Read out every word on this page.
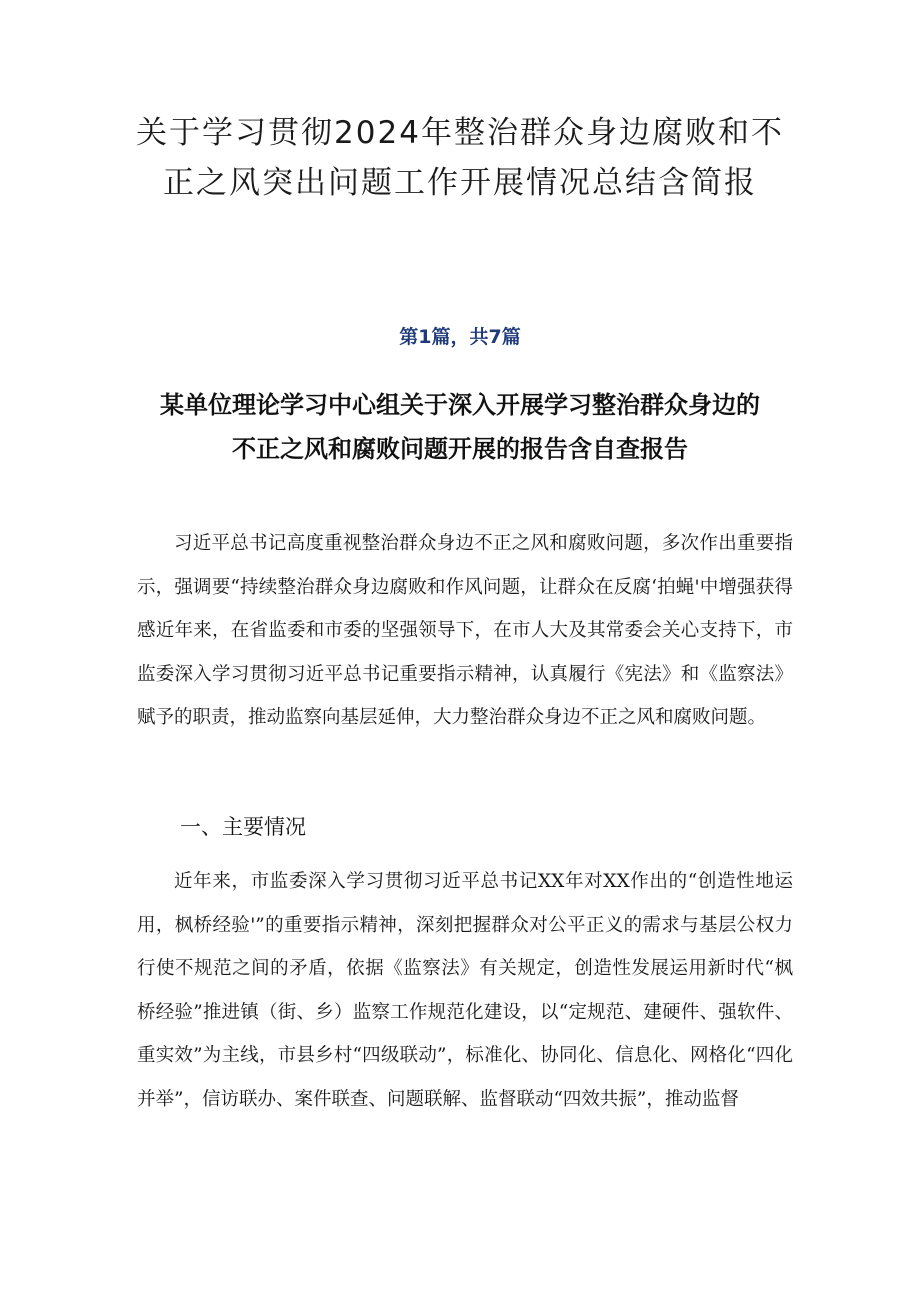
关于学习贯彻2024年整治群众身边腐败和不正之风突出问题工作开展情况总结含简报
第1篇，共7篇
某单位理论学习中心组关于深入开展学习整治群众身边的不正之风和腐败问题开展的报告含自查报告

习近平总书记高度重视整治群众身边不正之风和腐败问题，多次作出重要指示，强调要“持续整治群众身边腐败和作风问题，让群众在反腐‘拍蝇'中增强获得感近年来，在省监委和市委的坚强领导下，在市人大及其常委会关心支持下，市监委深入学习贯彻习近平总书记重要指示精神，认真履行《宪法》和《监察法》赋予的职责，推动监察向基层延伸，大力整治群众身边不正之风和腐败问题。

一、主要情况

近年来，市监委深入学习贯彻习近平总书记XX年对XX作出的“创造性地运用，枫桥经验'”的重要指示精神，深刻把握群众对公平正义的需求与基层公权力行使不规范之间的矛盾，依据《监察法》有关规定，创造性发展运用新时代“枫桥经验”推进镇（街、乡）监察工作规范化建设，以“定规范、建硬件、强软件、重实效”为主线，市县乡村“四级联动”，标准化、协同化、信息化、网格化“四化并举”，信访联办、案件联查、问题联解、监督联动“四效共振”，推动监督
